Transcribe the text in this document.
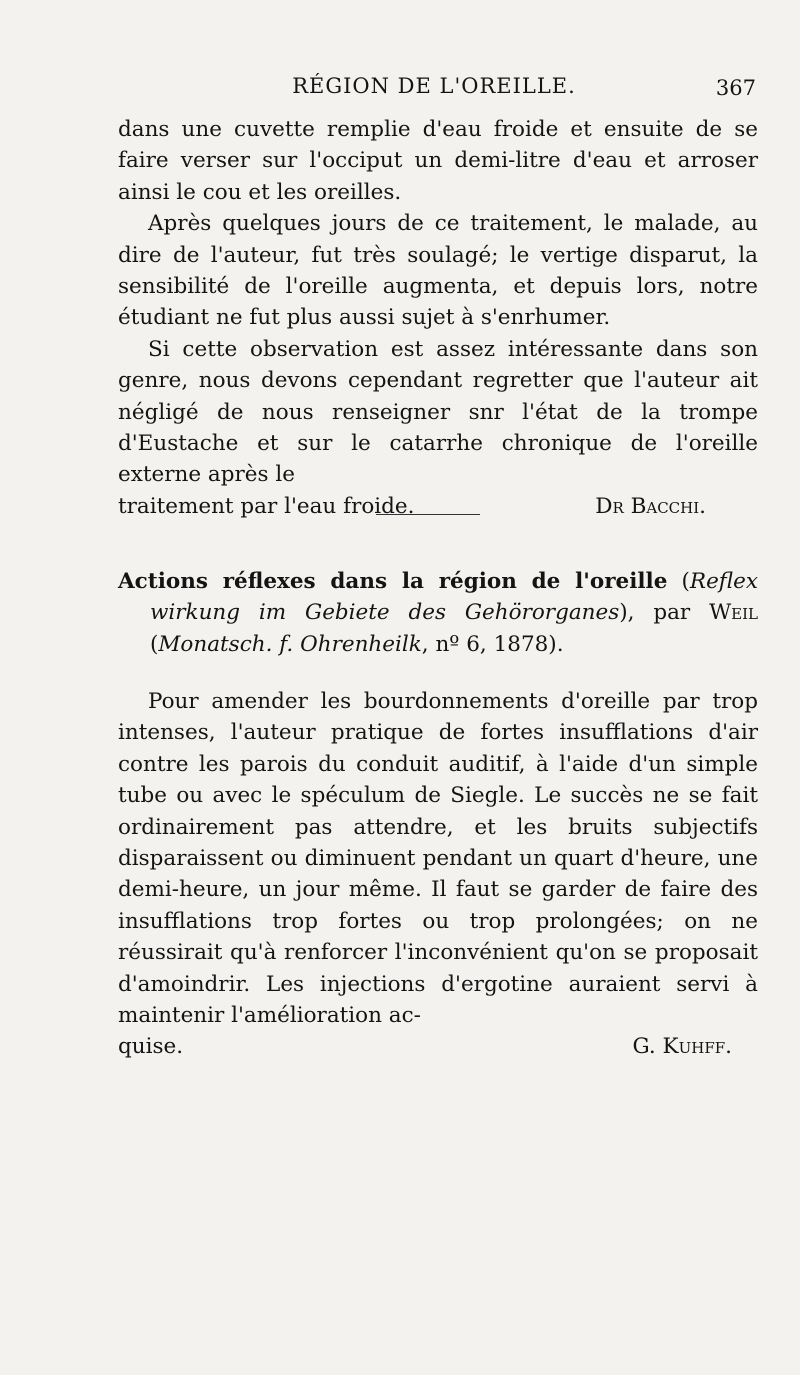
RÉGION DE L'OREILLE.	367

dans une cuvette remplie d'eau froide et ensuite de se faire verser sur l'occiput un demi-litre d'eau et arroser ainsi le cou et les oreilles.

Après quelques jours de ce traitement, le malade, au dire de l'auteur, fut très soulagé; le vertige disparut, la sensibilité de l'oreille augmenta, et depuis lors, notre étudiant ne fut plus aussi sujet à s'enrhumer.

Si cette observation est assez intéressante dans son genre, nous devons cependant regretter que l'auteur ait négligé de nous renseigner snr l'état de la trompe d'Eustache et sur le catarrhe chronique de l'oreille externe après le

traitement par l'eau froide.	Dr Bacchi.

Actions réflexes dans la région de l'oreille (Reflex wirkung im Gebiete des Gehörorganes), par Weil (Monatsch. f. Ohrenheilk, nº 6, 1878).

Pour amender les bourdonnements d'oreille par trop intenses, l'auteur pratique de fortes insufflations d'air contre les parois du conduit auditif, à l'aide d'un simple tube ou avec le spéculum de Siegle. Le succès ne se fait ordinairement pas attendre, et les bruits subjectifs disparaissent ou diminuent pendant un quart d'heure, une demi-heure, un jour même. Il faut se garder de faire des insufflations trop fortes ou trop prolongées; on ne réussirait qu'à renforcer l'inconvénient qu'on se proposait d'amoindrir. Les injections d'ergotine auraient servi à maintenir l'amélioration ac-

quise.	G. Kuhff.
